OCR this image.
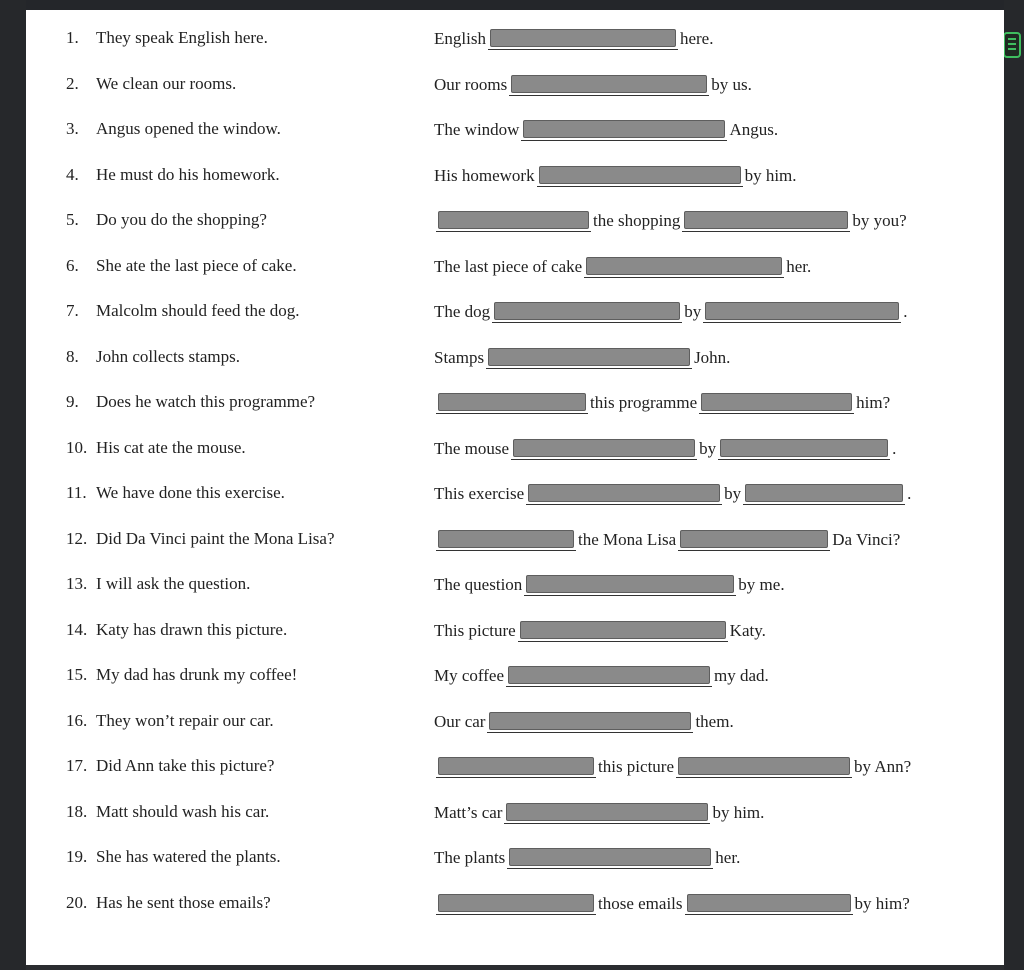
1. They speak English here.	English	here.
2. We clean our rooms.	Our rooms	by us.
3. Angus opened the window.	The window	Angus.
4. He must do his homework.	His homework	by him.
5. Do you do the shopping?	the shopping	by you?
6. She ate the last piece of cake.	The last piece of cake	her.
7. Malcolm should feed the dog.	The dog	by	.
8. John collects stamps.	Stamps	John.
9. Does he watch this programme?	this programme	him?
10. His cat ate the mouse.	The mouse	by	.
11. We have done this exercise.	This exercise	by	.
12. Did Da Vinci paint the Mona Lisa?	the Mona Lisa	Da Vinci?
13. I will ask the question.	The question	by me.
14. Katy has drawn this picture.	This picture	Katy.
15. My dad has drunk my coffee!	My coffee	my dad.
16. They won’t repair our car.	Our car	them.
17. Did Ann take this picture?	this picture	by Ann?
18. Matt should wash his car.	Matt’s car	by him.
19. She has watered the plants.	The plants	her.
20. Has he sent those emails?	those emails	by him?
